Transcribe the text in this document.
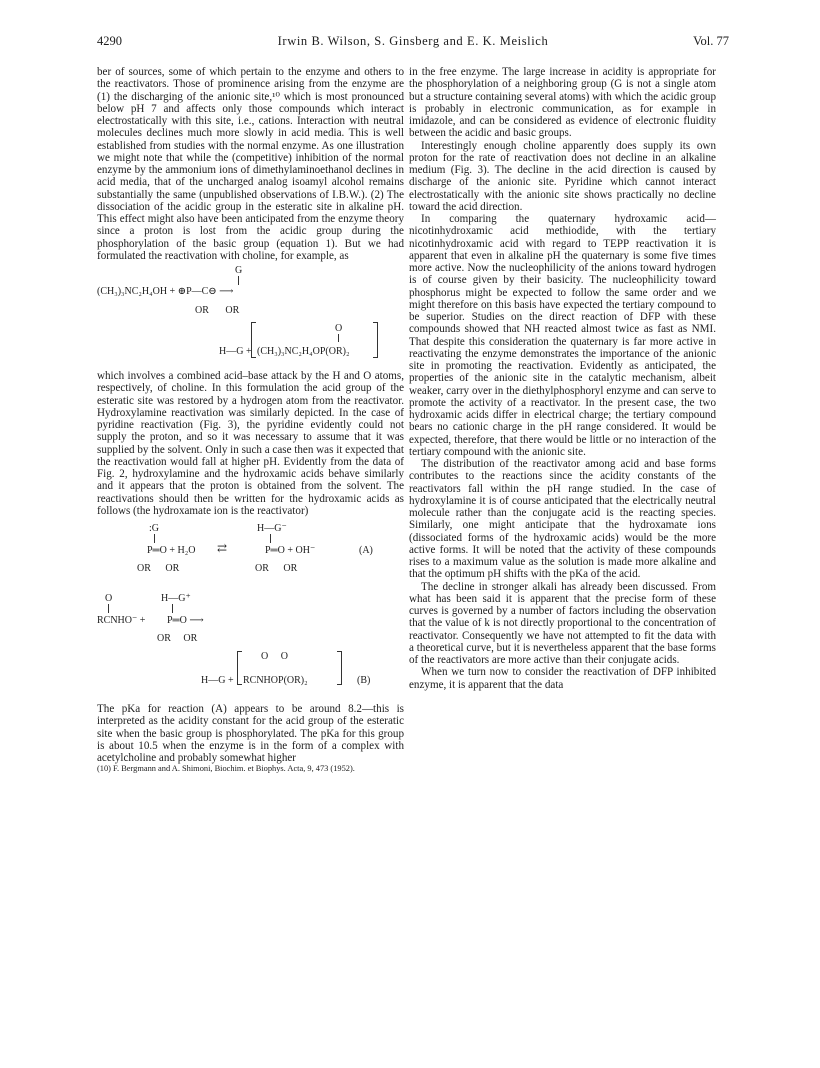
4290	Irwin B. Wilson, S. Ginsberg and E. K. Meislich	Vol. 77

ber of sources, some of which pertain to the enzyme and others to the reactivators. Those of prominence arising from the enzyme are (1) the discharging of the anionic site,¹⁰ which is most pronounced below pH 7 and affects only those compounds which interact electrostatically with this site, i.e., cations. Interaction with neutral molecules declines much more slowly in acid media. This is well established from studies with the normal enzyme. As one illustration we might note that while the (competitive) inhibition of the normal enzyme by the ammonium ions of dimethylaminoethanol declines in acid media, that of the uncharged analog isoamyl alcohol remains substantially the same (unpublished observations of I.B.W.). (2) The dissociation of the acidic group in the esteratic site in alkaline pH. This effect might also have been anticipated from the enzyme theory since a proton is lost from the acidic group during the phosphorylation of the basic group (equation 1). But we had formulated the reactivation with choline, for example, as

G
(CH₃)₃NC₂H₄OH + ⊕P—C⊖ ⟶
OR OR
O
H—G + (CH₃)₃NC₂H₄OP(OR)₂

which involves a combined acid–base attack by the H and O atoms, respectively, of choline. In this formulation the acid group of the esteratic site was restored by a hydrogen atom from the reactivator. Hydroxylamine reactivation was similarly depicted. In the case of pyridine reactivation (Fig. 3), the pyridine evidently could not supply the proton, and so it was necessary to assume that it was supplied by the solvent. Only in such a case then was it expected that the reactivation would fall at higher pH. Evidently from the data of Fig. 2, hydroxylamine and the hydroxamic acids behave similarly and it appears that the proton is obtained from the solvent. The reactivations should then be written for the hydroxamic acids as follows (the hydroxamate ion is the reactivator)

:G	H—G⁻
P═O + H₂O ⇄	P═O + OH⁻	(A)
OR OR	OR OR
O	H—G⁺
RCNHO⁻ + P═O ⟶
OR OR
O     O
H—G + RCNHOP(OR)₂	(B)

The pKa for reaction (A) appears to be around 8.2—this is interpreted as the acidity constant for the acid group of the esteratic site when the basic group is phosphorylated. The pKa for this group is about 10.5 when the enzyme is in the form of a complex with acetylcholine and probably somewhat higher

(10) F. Bergmann and A. Shimoni, Biochim. et Biophys. Acta, 9, 473 (1952).

in the free enzyme. The large increase in acidity is appropriate for the phosphorylation of a neighboring group (G is not a single atom but a structure containing several atoms) with which the acidic group is probably in electronic communication, as for example in imidazole, and can be considered as evidence of electronic fluidity between the acidic and basic groups.

Interestingly enough choline apparently does supply its own proton for the rate of reactivation does not decline in an alkaline medium (Fig. 3). The decline in the acid direction is caused by discharge of the anionic site. Pyridine which cannot interact electrostatically with the anionic site shows practically no decline toward the acid direction.

In comparing the quaternary hydroxamic acid—nicotinhydroxamic acid methiodide, with the tertiary nicotinhydroxamic acid with regard to TEPP reactivation it is apparent that even in alkaline pH the quaternary is some five times more active. Now the nucleophilicity of the anions toward hydrogen is of course given by their basicity. The nucleophilicity toward phosphorus might be expected to follow the same order and we might therefore on this basis have expected the tertiary compound to be superior. Studies on the direct reaction of DFP with these compounds showed that NH reacted almost twice as fast as NMI. That despite this consideration the quaternary is far more active in reactivating the enzyme demonstrates the importance of the anionic site in promoting the reactivation. Evidently as anticipated, the properties of the anionic site in the catalytic mechanism, albeit weaker, carry over in the diethylphosphoryl enzyme and can serve to promote the activity of a reactivator. In the present case, the two hydroxamic acids differ in electrical charge; the tertiary compound bears no cationic charge in the pH range considered. It would be expected, therefore, that there would be little or no interaction of the tertiary compound with the anionic site.

The distribution of the reactivator among acid and base forms contributes to the reactions since the acidity constants of the reactivators fall within the pH range studied. In the case of hydroxylamine it is of course anticipated that the electrically neutral molecule rather than the conjugate acid is the reacting species. Similarly, one might anticipate that the hydroxamate ions (dissociated forms of the hydroxamic acids) would be the more active forms. It will be noted that the activity of these compounds rises to a maximum value as the solution is made more alkaline and that the optimum pH shifts with the pKa of the acid.

The decline in stronger alkali has already been discussed. From what has been said it is apparent that the precise form of these curves is governed by a number of factors including the observation that the value of k is not directly proportional to the concentration of reactivator. Consequently we have not attempted to fit the data with a theoretical curve, but it is nevertheless apparent that the base forms of the reactivators are more active than their conjugate acids.

When we turn now to consider the reactivation of DFP inhibited enzyme, it is apparent that the data
